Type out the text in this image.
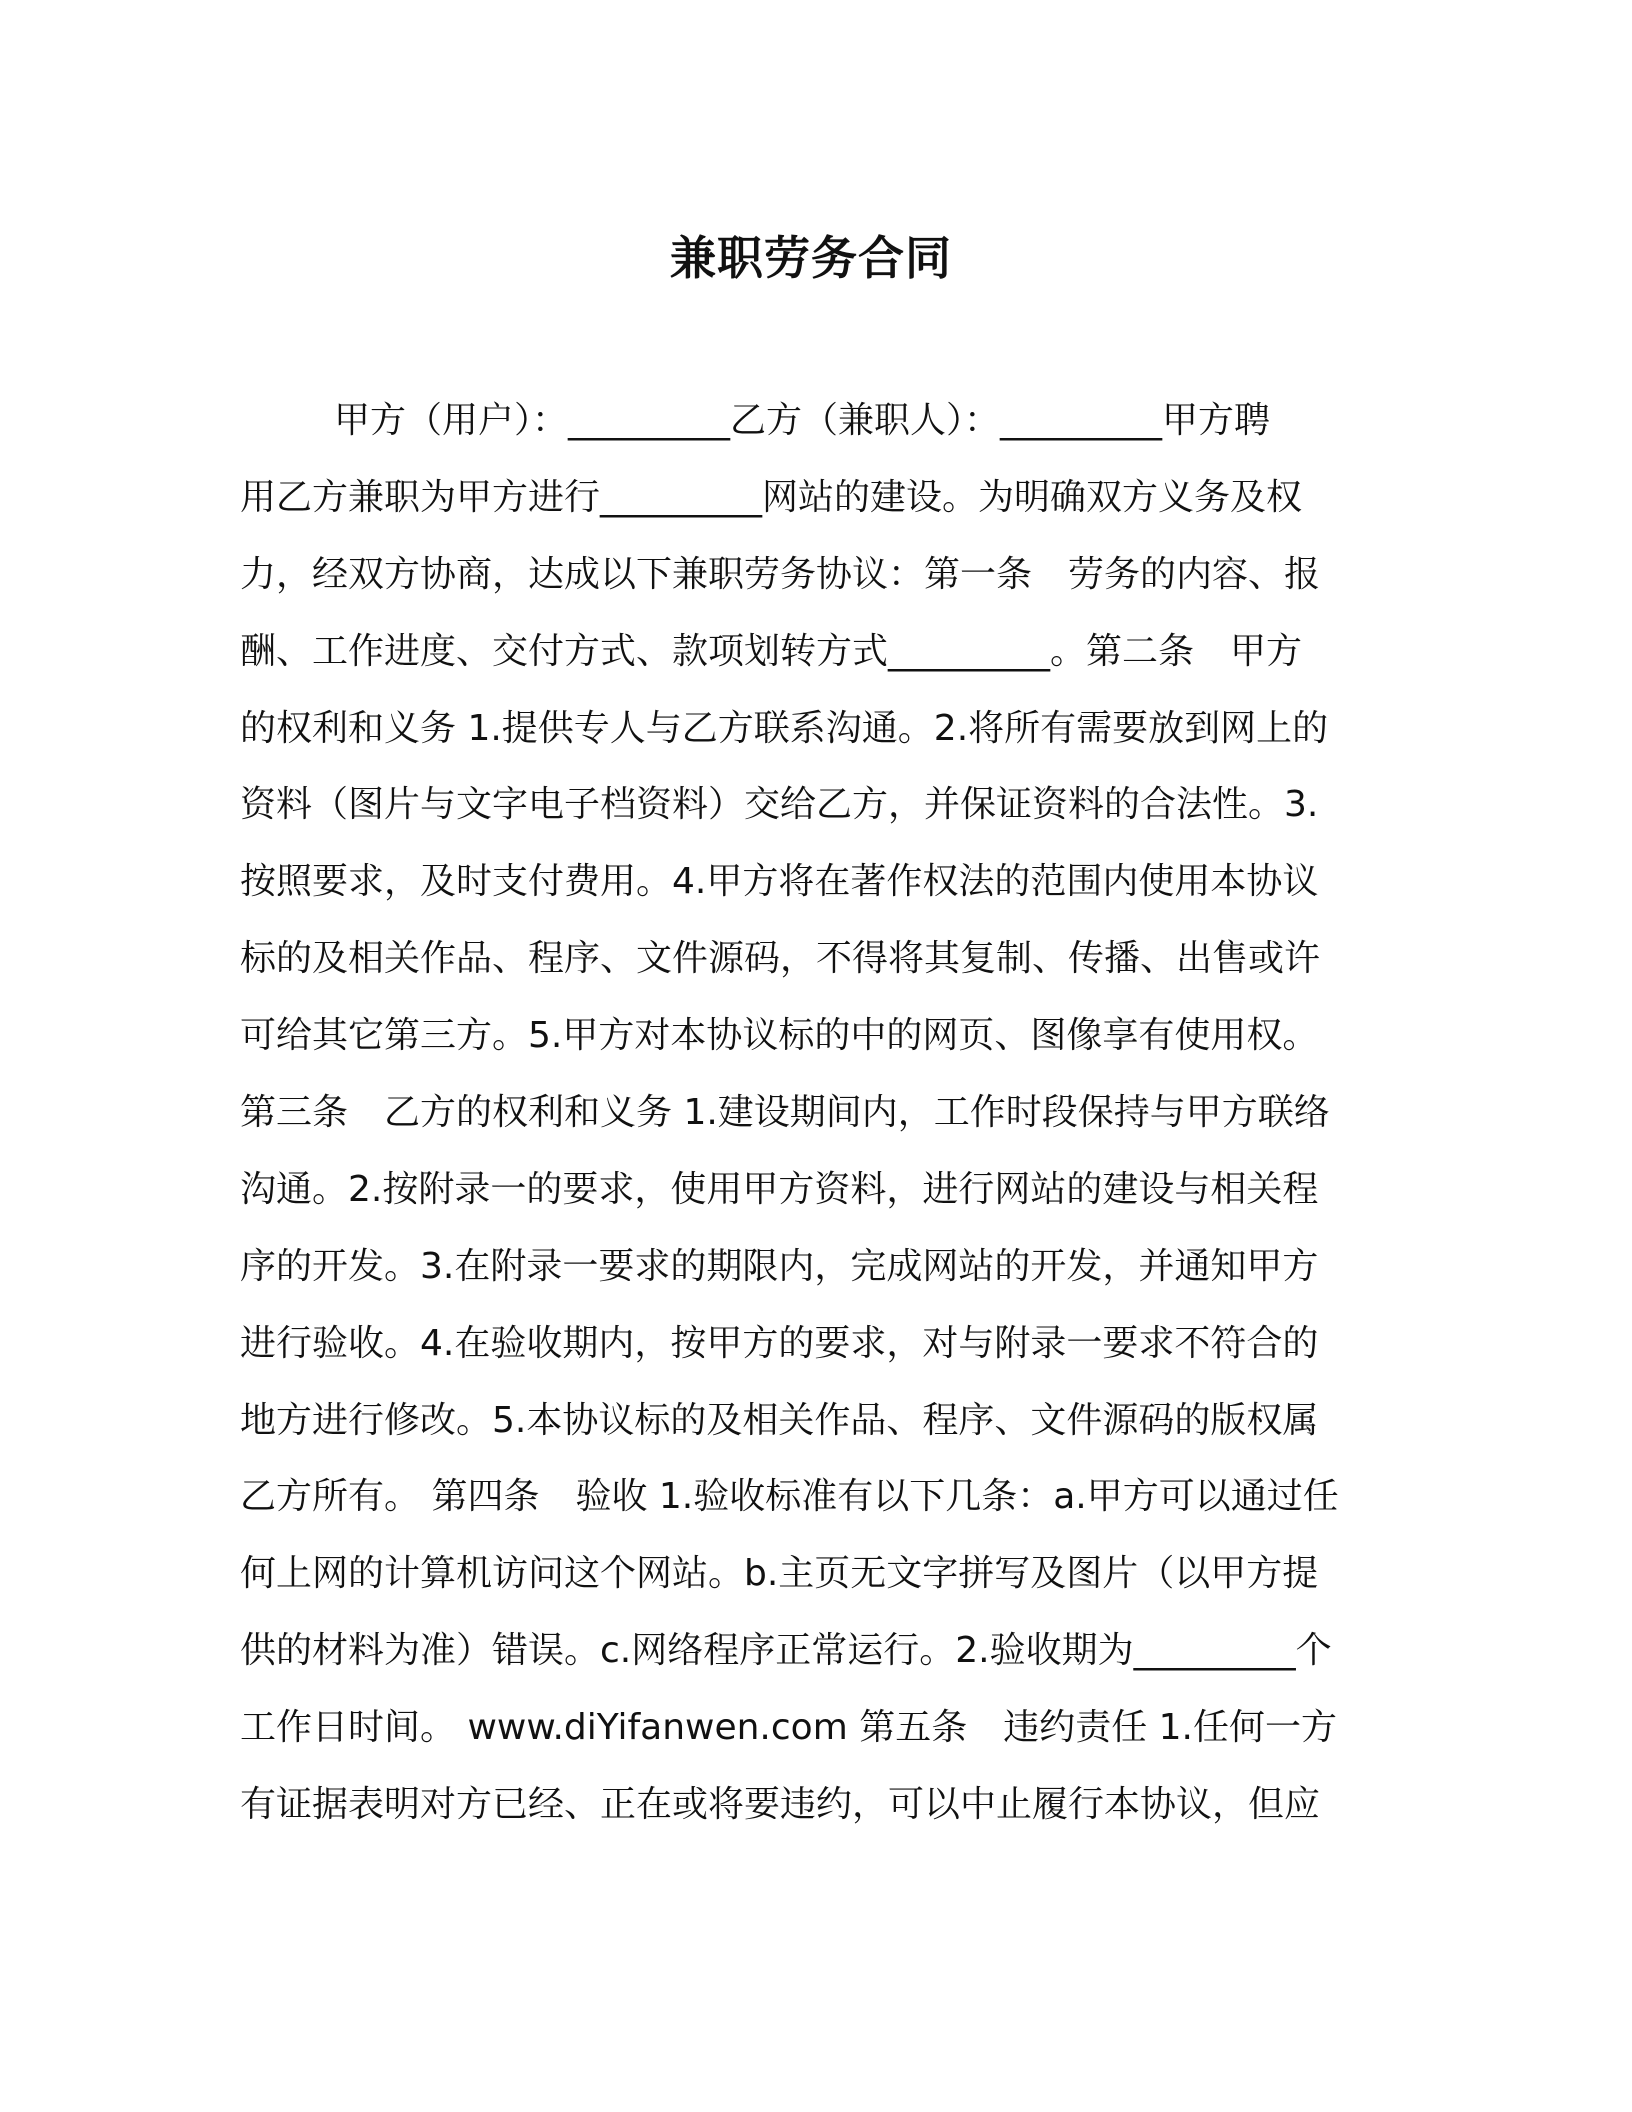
兼职劳务合同
甲方（用户）：_________乙方（兼职人）：_________甲方聘
用乙方兼职为甲方进行_________网站的建设。为明确双方义务及权
力，经双方协商，达成以下兼职劳务协议：第一条　劳务的内容、报
酬、工作进度、交付方式、款项划转方式_________。第二条　甲方
的权利和义务 1.提供专人与乙方联系沟通。2.将所有需要放到网上的
资料（图片与文字电子档资料）交给乙方，并保证资料的合法性。3.
按照要求，及时支付费用。4.甲方将在著作权法的范围内使用本协议
标的及相关作品、程序、文件源码，不得将其复制、传播、出售或许
可给其它第三方。5.甲方对本协议标的中的网页、图像享有使用权。
第三条　乙方的权利和义务 1.建设期间内，工作时段保持与甲方联络
沟通。2.按附录一的要求，使用甲方资料，进行网站的建设与相关程
序的开发。3.在附录一要求的期限内，完成网站的开发，并通知甲方
进行验收。4.在验收期内，按甲方的要求，对与附录一要求不符合的
地方进行修改。5.本协议标的及相关作品、程序、文件源码的版权属
乙方所有。 第四条　验收 1.验收标准有以下几条：a.甲方可以通过任
何上网的计算机访问这个网站。b.主页无文字拼写及图片（以甲方提
供的材料为准）错误。c.网络程序正常运行。2.验收期为_________个
工作日时间。 www.diYifanwen.com 第五条　违约责任 1.任何一方
有证据表明对方已经、正在或将要违约，可以中止履行本协议，但应
